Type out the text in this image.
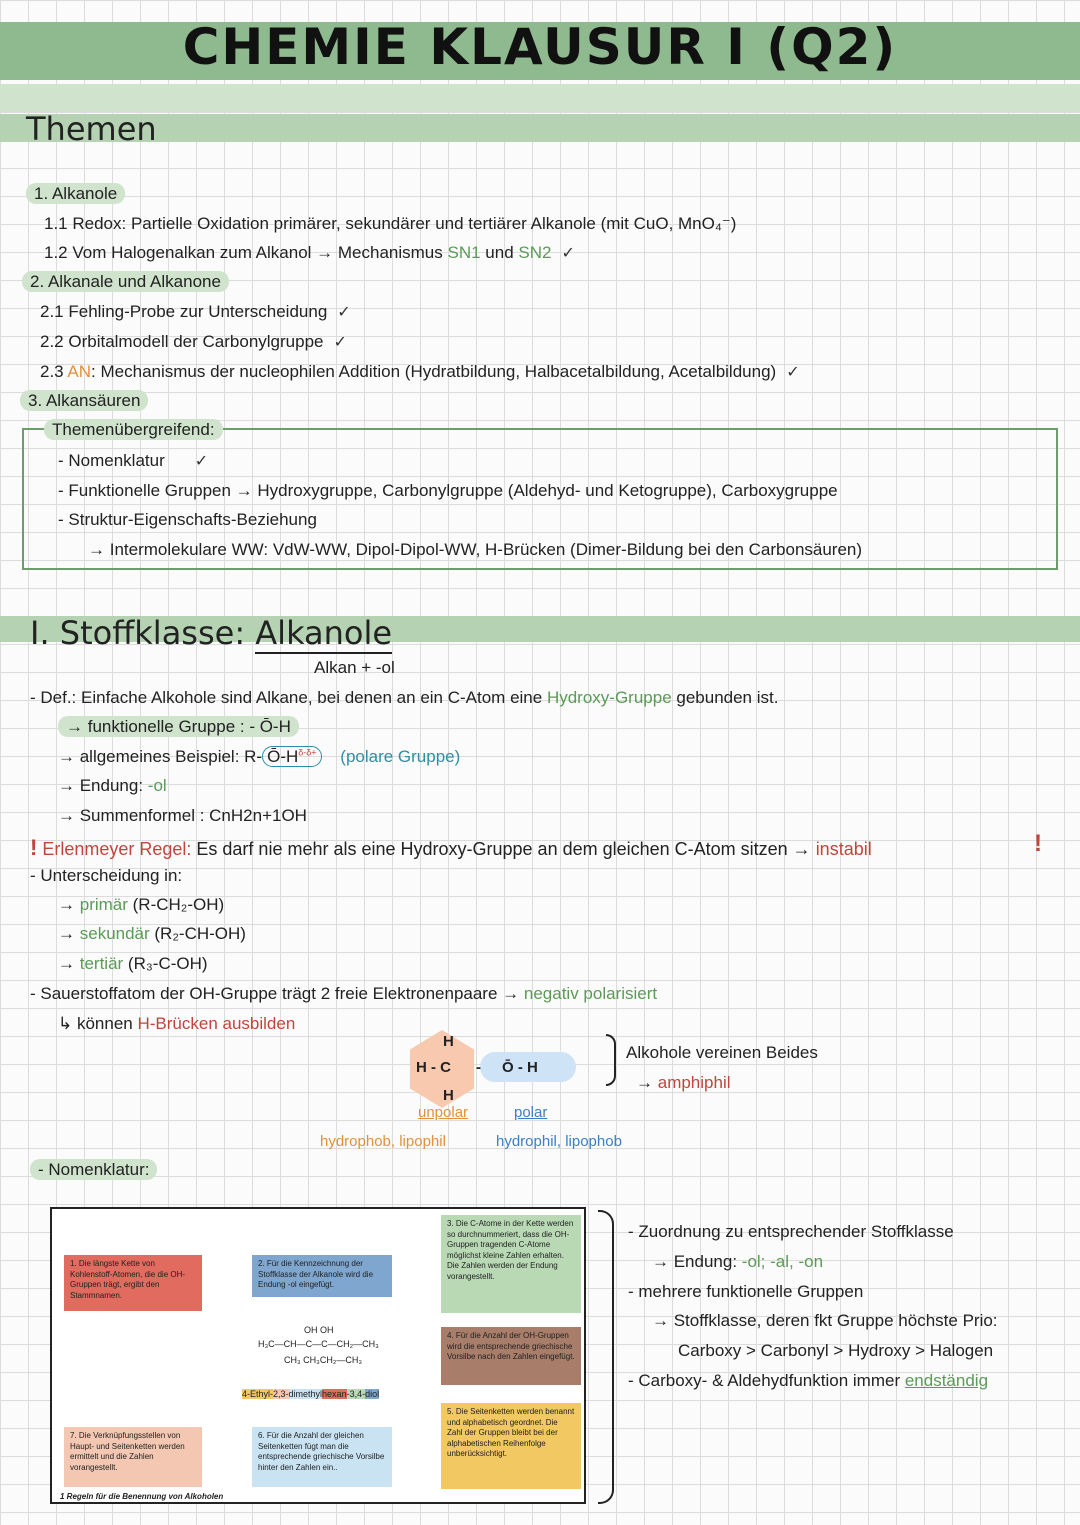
CHEMIE KLAUSUR I (Q2)
Themen
1. Alkanole
1.1 Redox: Partielle Oxidation primärer, sekundärer und tertiärer Alkanole (mit CuO, MnO₄⁻)
1.2 Vom Halogenalkan zum Alkanol → Mechanismus SN1 und SN2 ✓
2. Alkanale und Alkanone
2.1 Fehling-Probe zur Unterscheidung ✓
2.2 Orbitalmodell der Carbonylgruppe ✓
2.3 AN: Mechanismus der nucleophilen Addition (Hydratbildung, Halbacetalbildung, Acetalbildung) ✓
3. Alkansäuren
Themenübergreifend:
- Nomenklatur ✓
- Funktionelle Gruppen → Hydroxygruppe, Carbonylgruppe (Aldehyd- und Ketogruppe), Carboxygruppe
- Struktur-Eigenschafts-Beziehung
→ Intermolekulare WW: VdW-WW, Dipol-Dipol-WW, H-Brücken (Dimer-Bildung bei den Carbonsäuren)
I. Stoffklasse: Alkanole
Alkan + -ol
- Def.: Einfache Alkohole sind Alkane, bei denen an ein C-Atom eine Hydroxy-Gruppe gebunden ist.
→ funktionelle Gruppe : - Ō-H
→ allgemeines Beispiel: R- $Ō-H^{\delta-\delta+}$ (polare Gruppe)
→ Endung: -ol
→ Summenformel : CnH2n+1OH
! Erlenmeyer Regel: Es darf nie mehr als eine Hydroxy-Gruppe an dem gleichen C-Atom sitzen → instabil	!
- Unterscheidung in:
→ primär (R-CH₂-OH)
→ sekundär (R₂-CH-OH)
→ tertiär (R₃-C-OH)
- Sauerstoffatom der OH-Gruppe trägt 2 freie Elektronenpaare → negativ polarisiert
↳ können H-Brücken ausbilden
H
H - C
H
- Ō - H
unpolar	polar
hydrophob, lipophil	hydrophil, lipophob
Alkohole vereinen Beides
→ amphiphil
- Nomenklatur:
1. Die längste Kette von Kohlenstoff-Atomen, die die OH-Gruppen trägt, ergibt den Stammnamen.
2. Für die Kennzeichnung der Stoffklasse der Alkanole wird die Endung -ol eingefügt.
3. Die C-Atome in der Kette werden so durchnummeriert, dass die OH-Gruppen tragenden C-Atome möglichst kleine Zahlen erhalten. Die Zahlen werden der Endung vorangestellt.
4. Für die Anzahl der OH-Gruppen wird die entsprechende griechische Vorsilbe nach den Zahlen eingefügt.
5. Die Seitenketten werden benannt und alphabetisch geordnet. Die Zahl der Gruppen bleibt bei der alphabetischen Reihenfolge unberücksichtigt.
6. Für die Anzahl der gleichen Seitenketten fügt man die entsprechende griechische Vorsilbe hinter den Zahlen ein..
7. Die Verknüpfungsstellen von Haupt- und Seitenketten werden ermittelt und die Zahlen vorangestellt.
OH OH
H₃C—CH—C—C—CH₂—CH₃
CH₃ CH₃CH₂—CH₃
4-Ethyl-2,3-dimethylhexan-3,4-diol
1 Regeln für die Benennung von Alkoholen
- Zuordnung zu entsprechender Stoffklasse
→ Endung: -ol; -al, -on
- mehrere funktionelle Gruppen
→ Stoffklasse, deren fkt Gruppe höchste Prio:
Carboxy > Carbonyl > Hydroxy > Halogen
- Carboxy- & Aldehydfunktion immer endständig
